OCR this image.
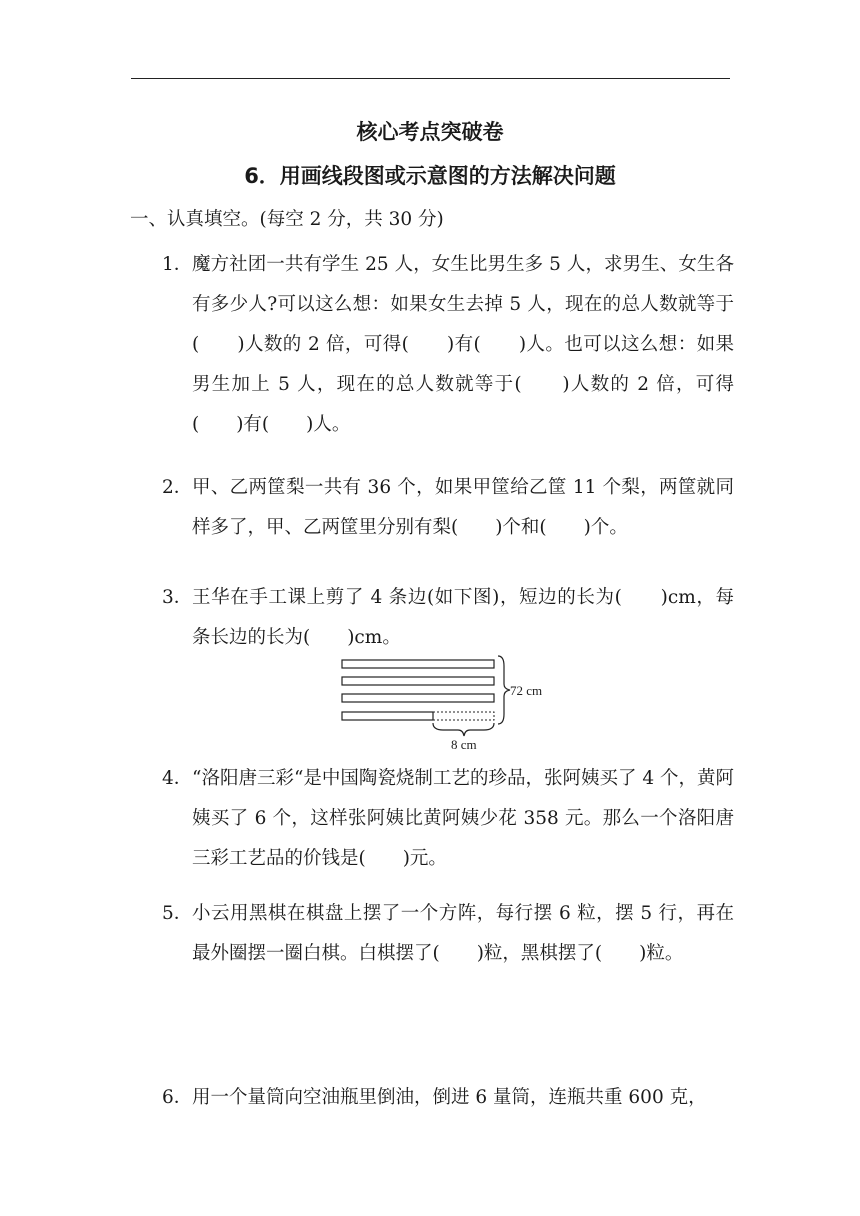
核心考点突破卷
6．用画线段图或示意图的方法解决问题
一、认真填空。(每空 2 分，共 30 分)
1． 魔方社团一共有学生 25 人，女生比男生多 5 人，求男生、女生各有多少人?可以这么想：如果女生去掉 5 人，现在的总人数就等于(　　)人数的 2 倍，可得(　　)有(　　)人。也可以这么想：如果男生加上 5 人，现在的总人数就等于(　　)人数的 2 倍，可得(　　)有(　　)人。
2． 甲、乙两筐梨一共有 36 个，如果甲筐给乙筐 11 个梨，两筐就同样多了，甲、乙两筐里分别有梨(　　)个和(　　)个。
3． 王华在手工课上剪了 4 条边(如下图)，短边的长为(　　)cm，每条长边的长为(　　)cm。
72 cm
8 cm
4． “洛阳唐三彩“是中国陶瓷烧制工艺的珍品，张阿姨买了 4 个，黄阿姨买了 6 个，这样张阿姨比黄阿姨少花 358 元。那么一个洛阳唐三彩工艺品的价钱是(　　)元。
5． 小云用黑棋在棋盘上摆了一个方阵，每行摆 6 粒，摆 5 行，再在最外圈摆一圈白棋。白棋摆了(　　)粒，黑棋摆了(　　)粒。
6． 用一个量筒向空油瓶里倒油，倒进 6 量筒，连瓶共重 600 克，
